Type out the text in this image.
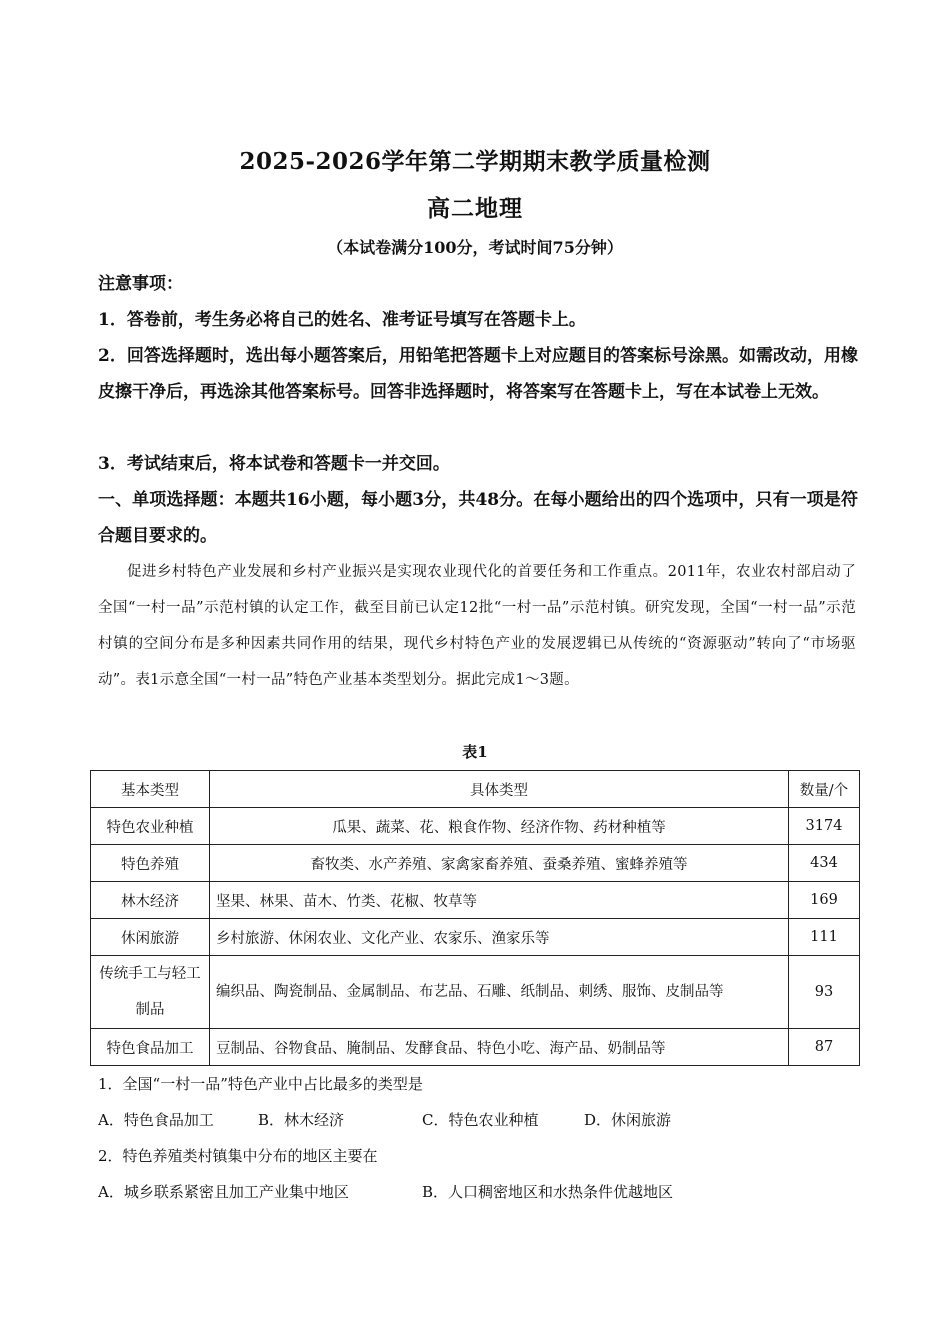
2025-2026学年第二学期期末教学质量检测
高二地理
（本试卷满分100分，考试时间75分钟）
注意事项：
1．答卷前，考生务必将自己的姓名、准考证号填写在答题卡上。
2．回答选择题时，选出每小题答案后，用铅笔把答题卡上对应题目的答案标号涂黑。如需改动，用橡皮擦干净后，再选涂其他答案标号。回答非选择题时，将答案写在答题卡上，写在本试卷上无效。
3．考试结束后，将本试卷和答题卡一并交回。
一、单项选择题：本题共16小题，每小题3分，共48分。在每小题给出的四个选项中，只有一项是符合题目要求的。
促进乡村特色产业发展和乡村产业振兴是实现农业现代化的首要任务和工作重点。2011年，农业农村部启动了全国“一村一品”示范村镇的认定工作，截至目前已认定12批“一村一品”示范村镇。研究发现，全国“一村一品”示范村镇的空间分布是多种因素共同作用的结果，现代乡村特色产业的发展逻辑已从传统的“资源驱动”转向了“市场驱动”。表1示意全国“一村一品”特色产业基本类型划分。据此完成1～3题。
表1
基本类型	具体类型	数量/个
特色农业种植	瓜果、蔬菜、花、粮食作物、经济作物、药材种植等	3174
特色养殖	畜牧类、水产养殖、家禽家畜养殖、蚕桑养殖、蜜蜂养殖等	434
林木经济	坚果、林果、苗木、竹类、花椒、牧草等	169
休闲旅游	乡村旅游、休闲农业、文化产业、农家乐、渔家乐等	111
传统手工与轻工制品	编织品、陶瓷制品、金属制品、布艺品、石雕、纸制品、刺绣、服饰、皮制品等	93
特色食品加工	豆制品、谷物食品、腌制品、发酵食品、特色小吃、海产品、奶制品等	87
1．全国“一村一品”特色产业中占比最多的类型是
A．特色食品加工	B．林木经济	C．特色农业种植	D．休闲旅游
2．特色养殖类村镇集中分布的地区主要在
A．城乡联系紧密且加工产业集中地区	B．人口稠密地区和水热条件优越地区
